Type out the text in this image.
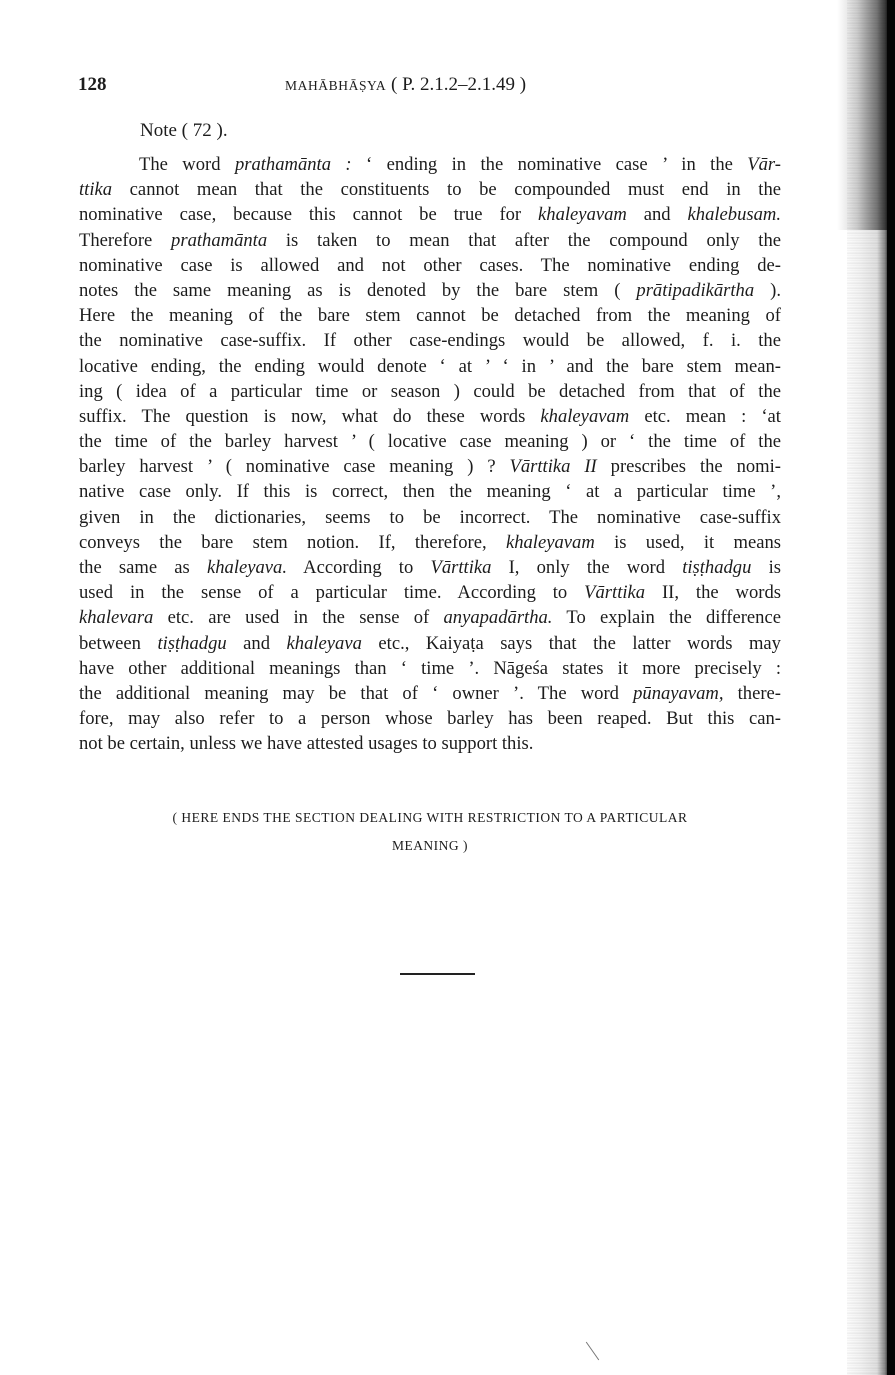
128	MAHĀBHĀṢYA ( P. 2.1.2–2.1.49 )
Note ( 72 ).
The word prathamānta : ‘ ending in the nominative case ’ in the Vār-
ttika cannot mean that the constituents to be compounded must end in the
nominative case, because this cannot be true for khaleyavam and khalebusam.
Therefore prathamānta is taken to mean that after the compound only the
nominative case is allowed and not other cases. The nominative ending de-
notes the same meaning as is denoted by the bare stem ( prātipadikārtha ).
Here the meaning of the bare stem cannot be detached from the meaning of
the nominative case-suffix. If other case-endings would be allowed, f. i. the
locative ending, the ending would denote ‘ at ’ ‘ in ’ and the bare stem mean-
ing ( idea of a particular time or season ) could be detached from that of the
suffix. The question is now, what do these words khaleyavam etc. mean : ‘at
the time of the barley harvest ’ ( locative case meaning ) or ‘ the time of the
barley harvest ’ ( nominative case meaning ) ? Vārttika II prescribes the nomi-
native case only. If this is correct, then the meaning ‘ at a particular time ’,
given in the dictionaries, seems to be incorrect. The nominative case-suffix
conveys the bare stem notion. If, therefore, khaleyavam is used, it means
the same as khaleyava. According to Vārttika I, only the word tiṣṭhadgu is
used in the sense of a particular time. According to Vārttika II, the words
khalevara etc. are used in the sense of anyapadārtha. To explain the difference
between tiṣṭhadgu and khaleyava etc., Kaiyaṭa says that the latter words may
have other additional meanings than ‘ time ’. Nāgeśa states it more precisely :
the additional meaning may be that of ‘ owner ’. The word pūnayavam, there-
fore, may also refer to a person whose barley has been reaped. But this can-
not be certain, unless we have attested usages to support this.
( HERE ENDS THE SECTION DEALING WITH RESTRICTION TO A PARTICULAR
MEANING )
